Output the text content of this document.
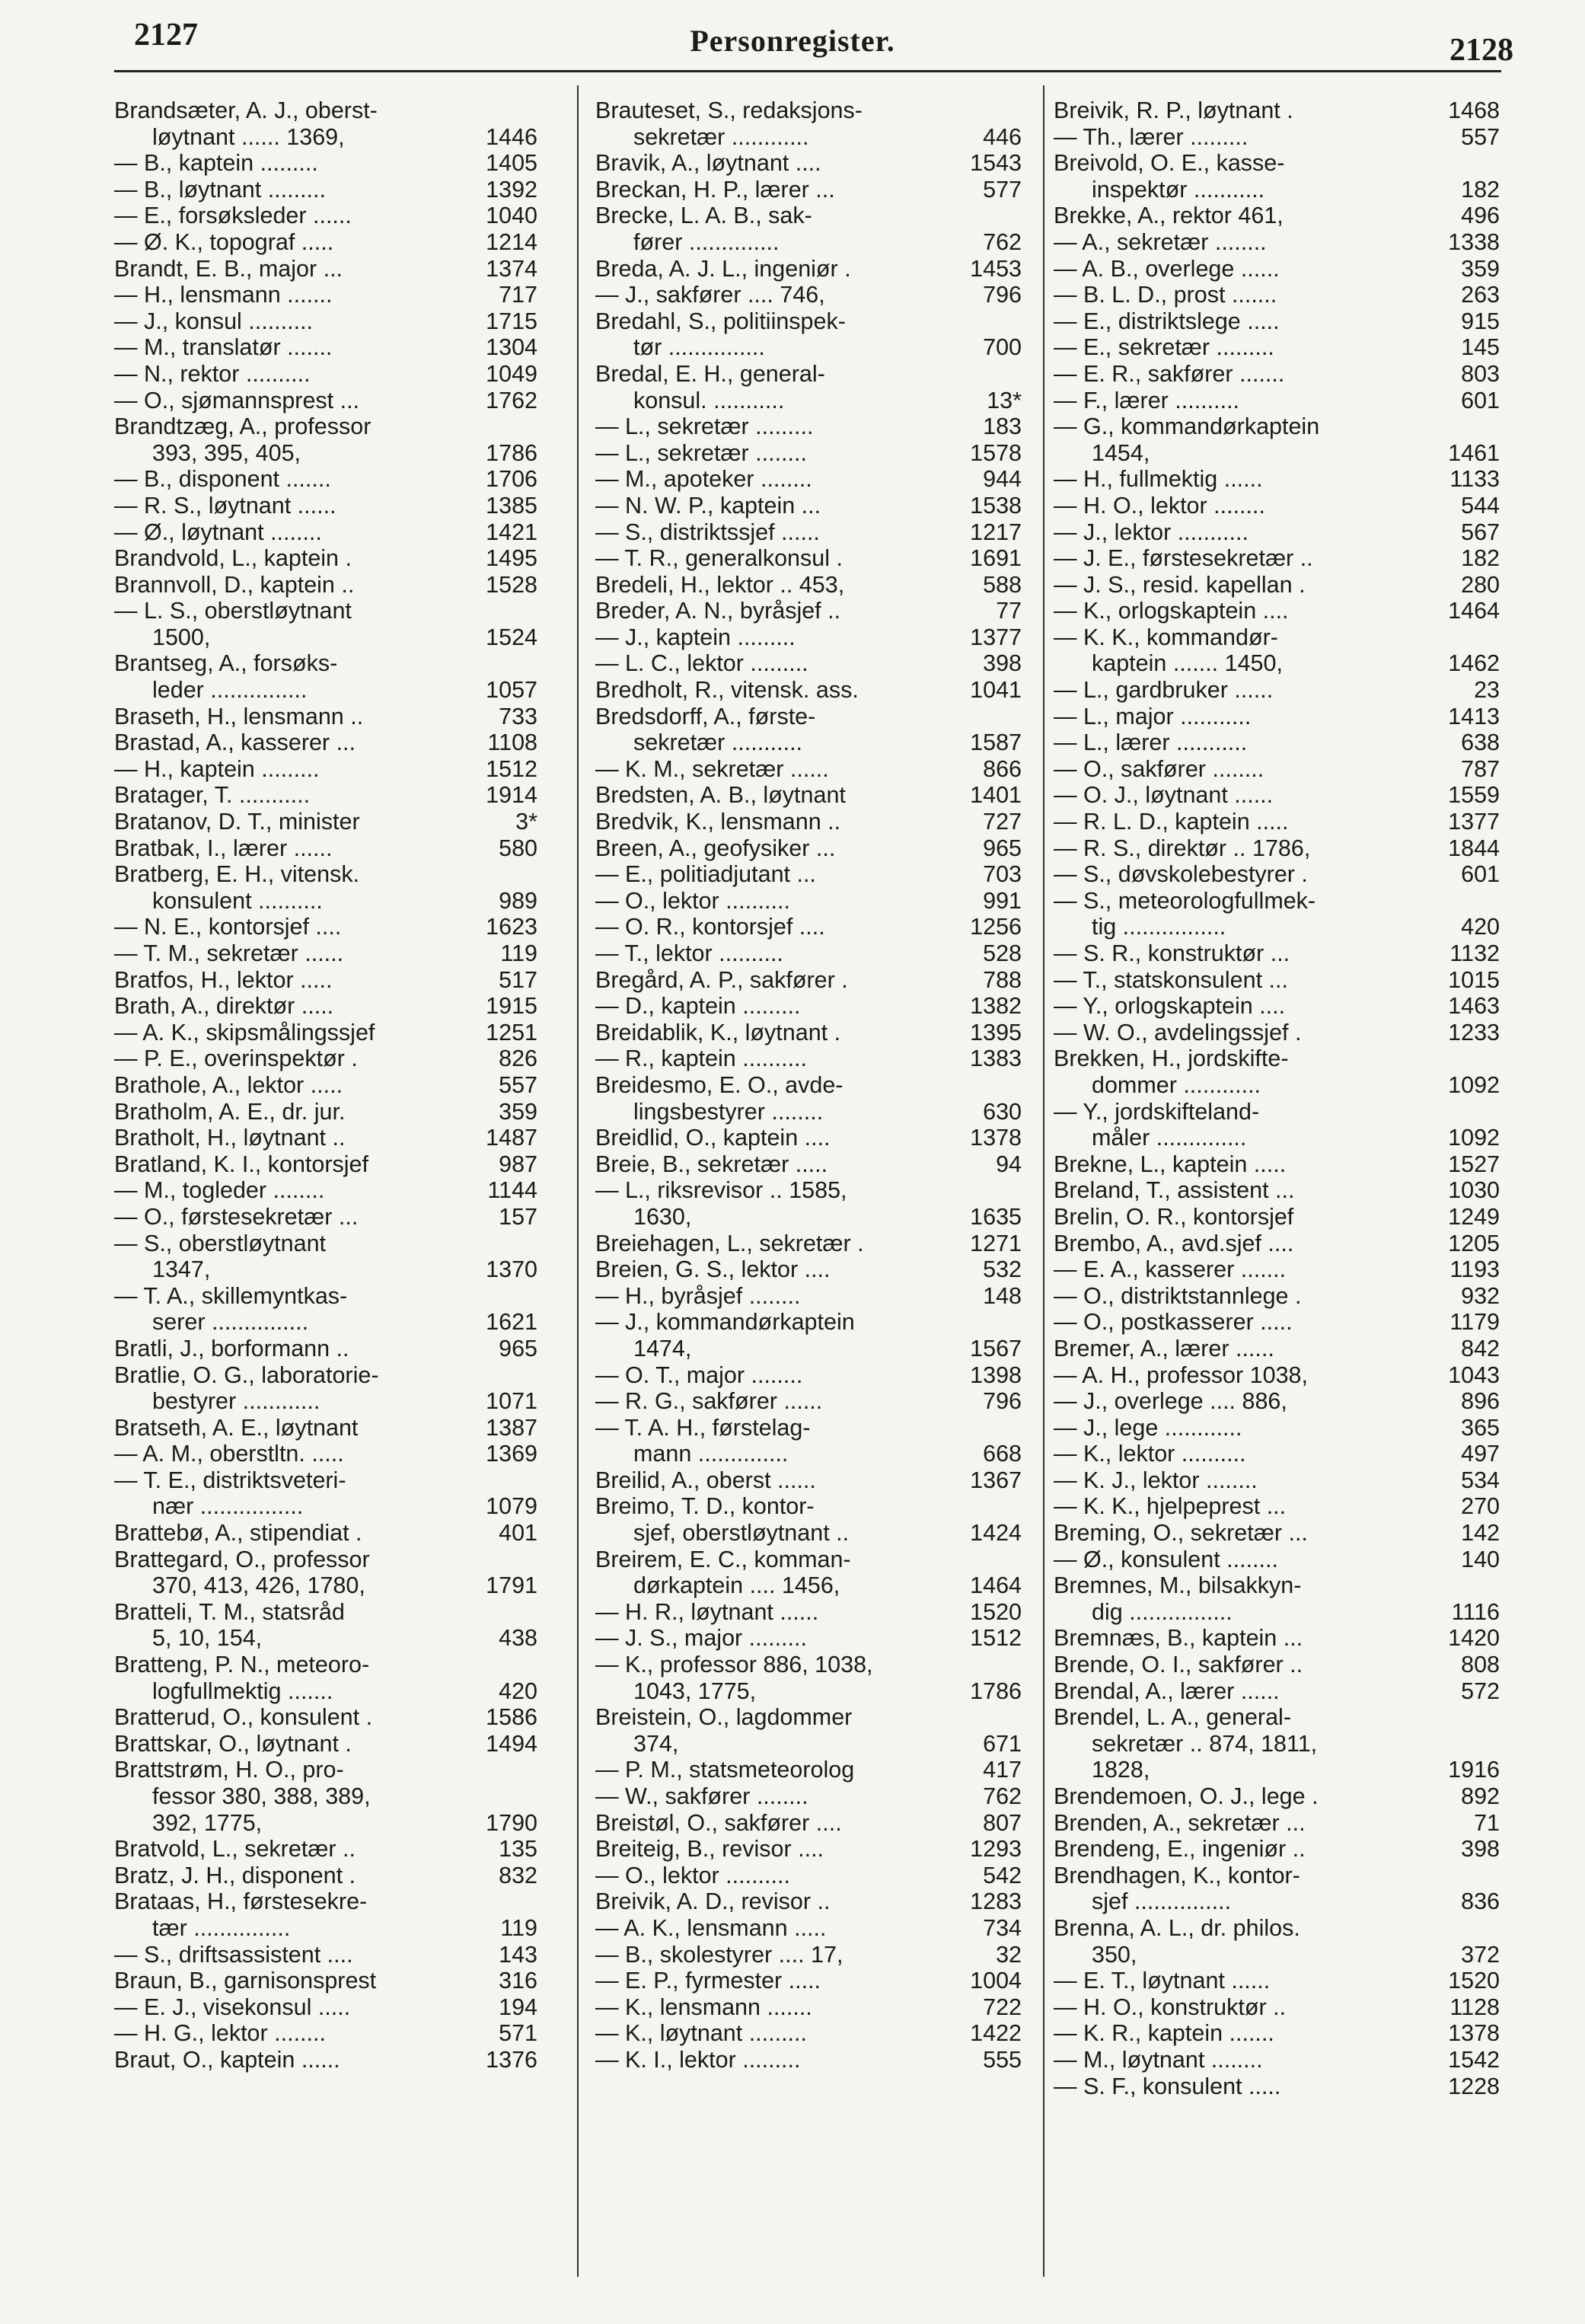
2127	Personregister.	2128
Brandsæter, A. J., oberst-
løytnant ...... 1369,	1446
— B., kaptein .........	1405
— B., løytnant .........	1392
— E., forsøksleder ......	1040
— Ø. K., topograf .....	1214
Brandt, E. B., major ...	1374
— H., lensmann .......	717
— J., konsul ..........	1715
— M., translatør .......	1304
— N., rektor ..........	1049
— O., sjømannsprest ...	1762
Brandtzæg, A., professor
393, 395, 405,	1786
— B., disponent .......	1706
— R. S., løytnant ......	1385
— Ø., løytnant ........	1421
Brandvold, L., kaptein .	1495
Brannvoll, D., kaptein ..	1528
— L. S., oberstløytnant
1500,	1524
Brantseg, A., forsøks-
leder ...............	1057
Braseth, H., lensmann ..	733
Brastad, A., kasserer ...	1108
— H., kaptein .........	1512
Bratager, T. ...........	1914
Bratanov, D. T., minister	3*
Bratbak, I., lærer ......	580
Bratberg, E. H., vitensk.
konsulent ..........	989
— N. E., kontorsjef ....	1623
— T. M., sekretær ......	119
Bratfos, H., lektor .....	517
Brath, A., direktør .....	1915
— A. K., skipsmålingssjef	1251
— P. E., overinspektør .	826
Brathole, A., lektor .....	557
Bratholm, A. E., dr. jur.	359
Bratholt, H., løytnant ..	1487
Bratland, K. I., kontorsjef	987
— M., togleder ........	1144
— O., førstesekretær ...	157
— S., oberstløytnant
1347,	1370
— T. A., skillemyntkas-
serer ...............	1621
Bratli, J., borformann ..	965
Bratlie, O. G., laboratorie-
bestyrer ............	1071
Bratseth, A. E., løytnant	1387
— A. M., oberstltn. .....	1369
— T. E., distriktsveteri-
nær ................	1079
Brattebø, A., stipendiat .	401
Brattegard, O., professor
370, 413, 426, 1780,	1791
Bratteli, T. M., statsråd
5, 10, 154,	438
Bratteng, P. N., meteoro-
logfullmektig .......	420
Bratterud, O., konsulent .	1586
Brattskar, O., løytnant .	1494
Brattstrøm, H. O., pro-
fessor 380, 388, 389,
392, 1775,	1790
Bratvold, L., sekretær ..	135
Bratz, J. H., disponent .	832
Brataas, H., førstesekre-
tær ...............	119
— S., driftsassistent ....	143
Braun, B., garnisonsprest	316
— E. J., visekonsul .....	194
— H. G., lektor ........	571
Braut, O., kaptein ......	1376
Brauteset, S., redaksjons-
sekretær ............	446
Bravik, A., løytnant ....	1543
Breckan, H. P., lærer ...	577
Brecke, L. A. B., sak-
fører ..............	762
Breda, A. J. L., ingeniør .	1453
— J., sakfører .... 746,	796
Bredahl, S., politiinspek-
tør ...............	700
Bredal, E. H., general-
konsul. ...........	13*
— L., sekretær .........	183
— L., sekretær ........	1578
— M., apoteker ........	944
— N. W. P., kaptein ...	1538
— S., distriktssjef ......	1217
— T. R., generalkonsul .	1691
Bredeli, H., lektor .. 453,	588
Breder, A. N., byråsjef ..	77
— J., kaptein .........	1377
— L. C., lektor .........	398
Bredholt, R., vitensk. ass.	1041
Bredsdorff, A., første-
sekretær ...........	1587
— K. M., sekretær ......	866
Bredsten, A. B., løytnant	1401
Bredvik, K., lensmann ..	727
Breen, A., geofysiker ...	965
— E., politiadjutant ...	703
— O., lektor ..........	991
— O. R., kontorsjef ....	1256
— T., lektor ..........	528
Bregård, A. P., sakfører .	788
— D., kaptein .........	1382
Breidablik, K., løytnant .	1395
— R., kaptein ..........	1383
Breidesmo, E. O., avde-
lingsbestyrer ........	630
Breidlid, O., kaptein ....	1378
Breie, B., sekretær .....	94
— L., riksrevisor .. 1585,
1630,	1635
Breiehagen, L., sekretær .	1271
Breien, G. S., lektor ....	532
— H., byråsjef ........	148
— J., kommandørkaptein
1474,	1567
— O. T., major ........	1398
— R. G., sakfører ......	796
— T. A. H., førstelag-
mann ..............	668
Breilid, A., oberst ......	1367
Breimo, T. D., kontor-
sjef, oberstløytnant ..	1424
Breirem, E. C., komman-
dørkaptein .... 1456,	1464
— H. R., løytnant ......	1520
— J. S., major .........	1512
— K., professor 886, 1038,
1043, 1775,	1786
Breistein, O., lagdommer
374,	671
— P. M., statsmeteorolog	417
— W., sakfører ........	762
Breistøl, O., sakfører ....	807
Breiteig, B., revisor ....	1293
— O., lektor ..........	542
Breivik, A. D., revisor ..	1283
— A. K., lensmann .....	734
— B., skolestyrer .... 17,	32
— E. P., fyrmester .....	1004
— K., lensmann .......	722
— K., løytnant .........	1422
— K. I., lektor .........	555
Breivik, R. P., løytnant .	1468
— Th., lærer .........	557
Breivold, O. E., kasse-
inspektør ...........	182
Brekke, A., rektor 461,	496
— A., sekretær ........	1338
— A. B., overlege ......	359
— B. L. D., prost .......	263
— E., distriktslege .....	915
— E., sekretær .........	145
— E. R., sakfører .......	803
— F., lærer ..........	601
— G., kommandørkaptein
1454,	1461
— H., fullmektig ......	1133
— H. O., lektor ........	544
— J., lektor ...........	567
— J. E., førstesekretær ..	182
— J. S., resid. kapellan .	280
— K., orlogskaptein ....	1464
— K. K., kommandør-
kaptein ....... 1450,	1462
— L., gardbruker ......	23
— L., major ...........	1413
— L., lærer ...........	638
— O., sakfører ........	787
— O. J., løytnant ......	1559
— R. L. D., kaptein .....	1377
— R. S., direktør .. 1786,	1844
— S., døvskolebestyrer .	601
— S., meteorologfullmek-
tig ................	420
— S. R., konstruktør ...	1132
— T., statskonsulent ...	1015
— Y., orlogskaptein ....	1463
— W. O., avdelingssjef .	1233
Brekken, H., jordskifte-
dommer ............	1092
— Y., jordskifteland-
måler ..............	1092
Brekne, L., kaptein .....	1527
Breland, T., assistent ...	1030
Brelin, O. R., kontorsjef	1249
Brembo, A., avd.sjef ....	1205
— E. A., kasserer .......	1193
— O., distriktstannlege .	932
— O., postkasserer .....	1179
Bremer, A., lærer ......	842
— A. H., professor 1038,	1043
— J., overlege .... 886,	896
— J., lege ............	365
— K., lektor ..........	497
— K. J., lektor ........	534
— K. K., hjelpeprest ...	270
Breming, O., sekretær ...	142
— Ø., konsulent ........	140
Bremnes, M., bilsakkyn-
dig ................	1116
Bremnæs, B., kaptein ...	1420
Brende, O. I., sakfører ..	808
Brendal, A., lærer ......	572
Brendel, L. A., general-
sekretær .. 874, 1811,
1828,	1916
Brendemoen, O. J., lege .	892
Brenden, A., sekretær ...	71
Brendeng, E., ingeniør ..	398
Brendhagen, K., kontor-
sjef ...............	836
Brenna, A. L., dr. philos.
350,	372
— E. T., løytnant ......	1520
— H. O., konstruktør ..	1128
— K. R., kaptein .......	1378
— M., løytnant ........	1542
— S. F., konsulent .....	1228
